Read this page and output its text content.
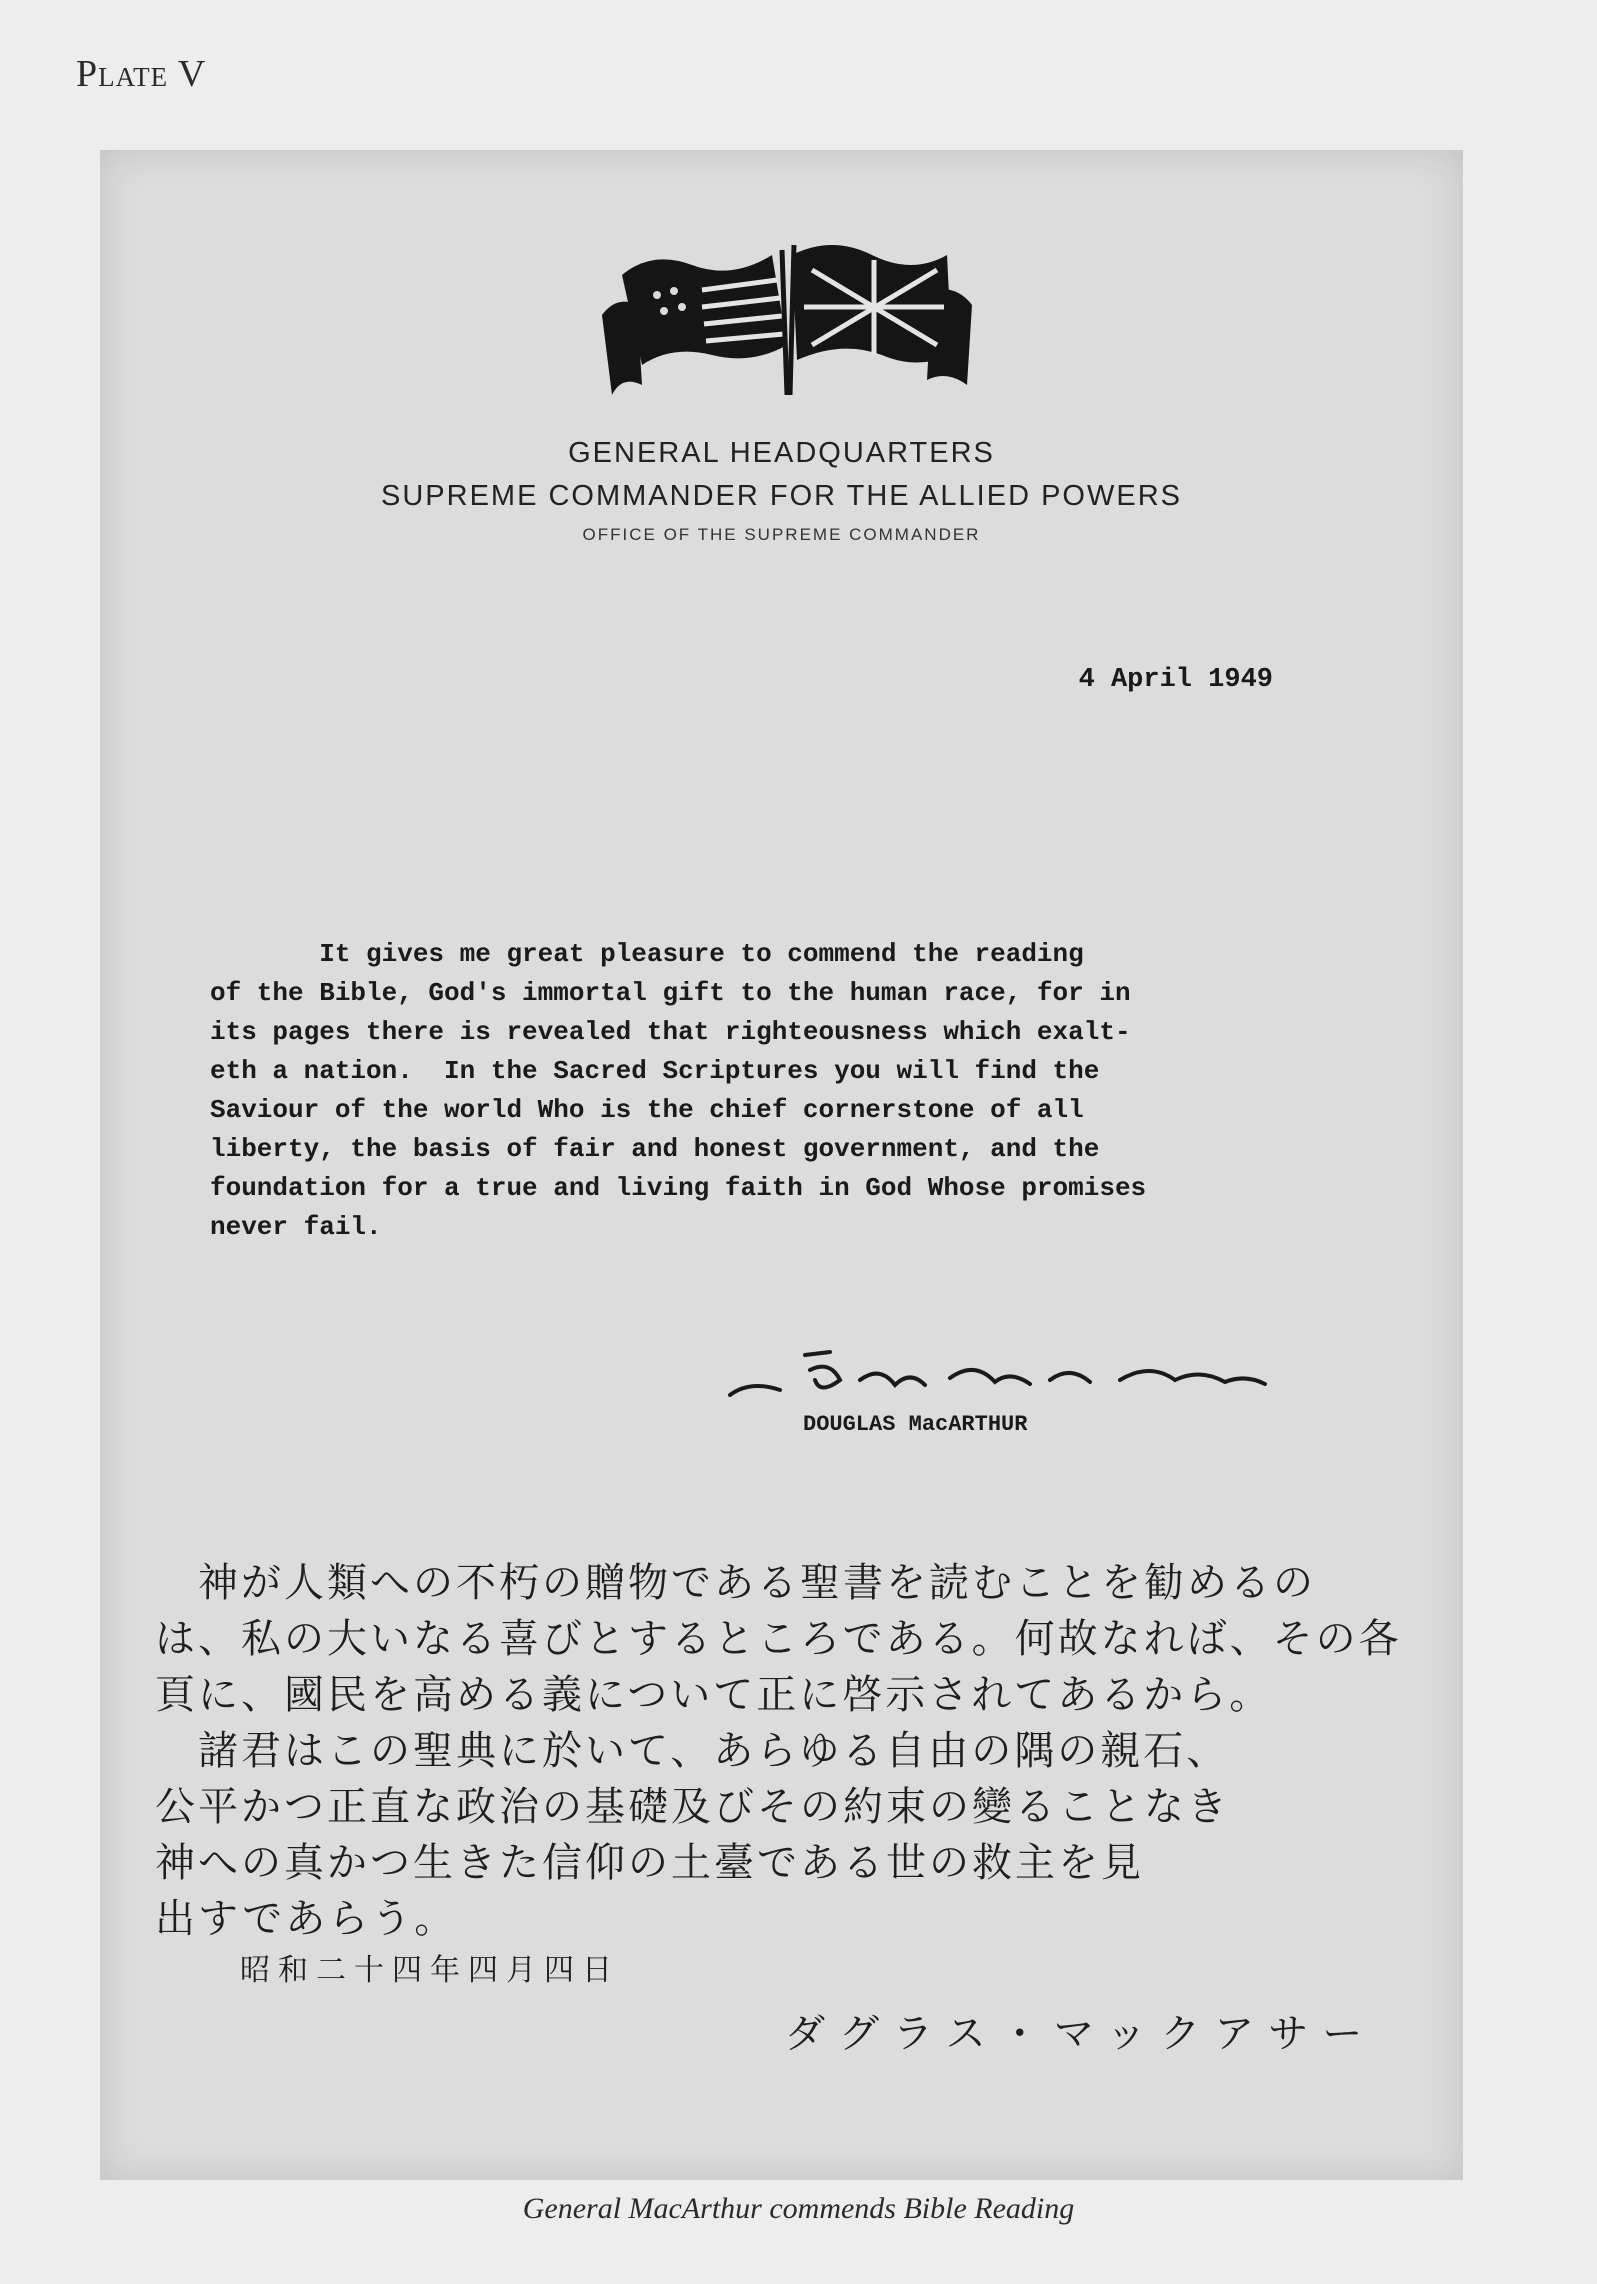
Plate V
GENERAL HEADQUARTERS
SUPREME COMMANDER FOR THE ALLIED POWERS
OFFICE OF THE SUPREME COMMANDER
4 April 1949
It gives me great pleasure to commend the reading
of the Bible, God's immortal gift to the human race, for in
its pages there is revealed that righteousness which exalt-
eth a nation.  In the Sacred Scriptures you will find the
Saviour of the world Who is the chief cornerstone of all
liberty, the basis of fair and honest government, and the
foundation for a true and living faith in God Whose promises
never fail.
DOUGLAS MacARTHUR
　神が人類への不朽の贈物である聖書を読むことを勧めるの
は、私の大いなる喜びとするところである。何故なれば、その各
頁に、國民を高める義について正に啓示されてあるから。
　諸君はこの聖典に於いて、あらゆる自由の隅の親石、
公平かつ正直な政治の基礎及びその約束の變ることなき
神への真かつ生きた信仰の土臺である世の救主を見
出すであらう。
昭和二十四年四月四日
ダグラス・マックアサー
General MacArthur commends Bible Reading
